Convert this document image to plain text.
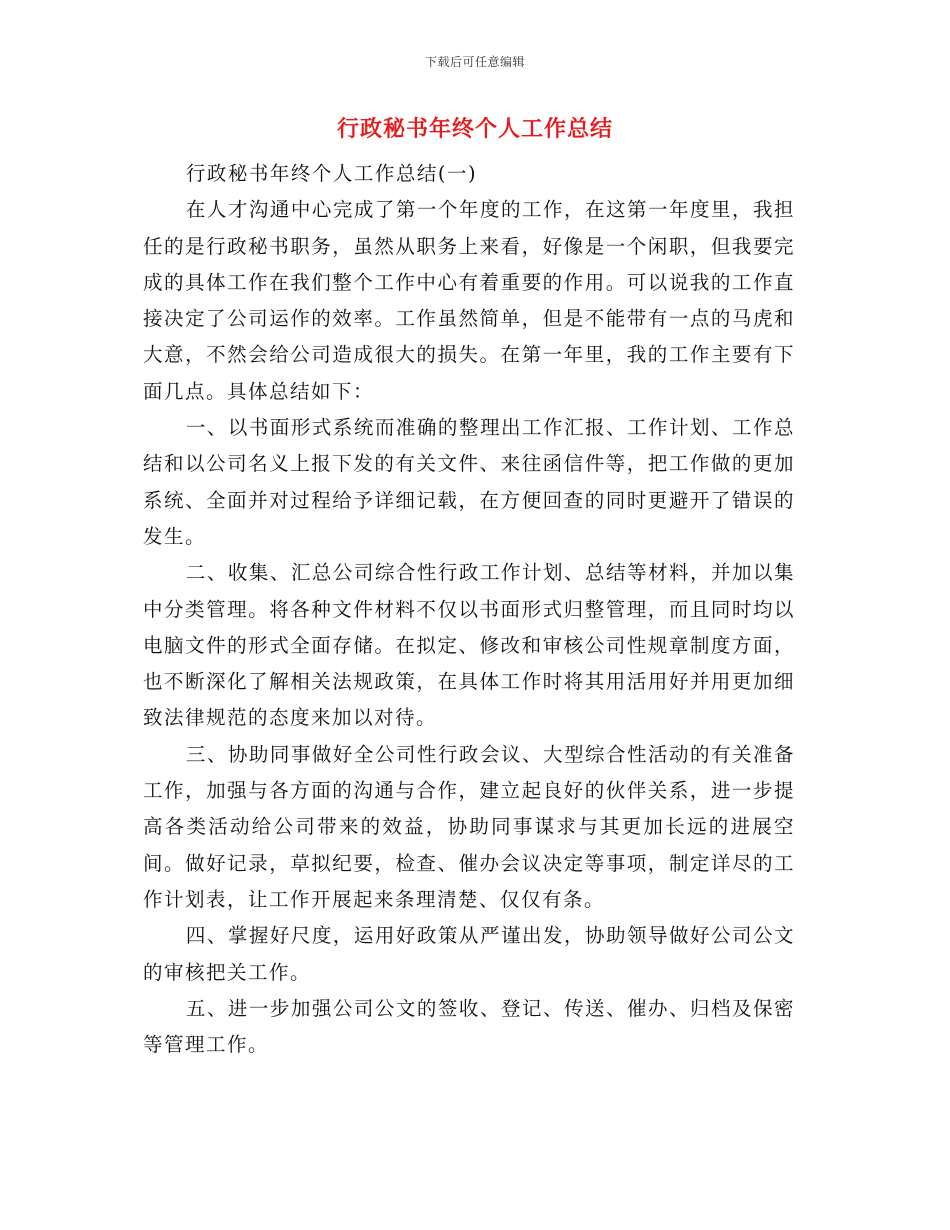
下载后可任意编辑
行政秘书年终个人工作总结

行政秘书年终个人工作总结(一)

在人才沟通中心完成了第一个年度的工作，在这第一年度里，我担任的是行政秘书职务，虽然从职务上来看，好像是一个闲职，但我要完成的具体工作在我们整个工作中心有着重要的作用。可以说我的工作直接决定了公司运作的效率。工作虽然简单，但是不能带有一点的马虎和大意，不然会给公司造成很大的损失。在第一年里，我的工作主要有下面几点。具体总结如下：

一、以书面形式系统而准确的整理出工作汇报、工作计划、工作总结和以公司名义上报下发的有关文件、来往函信件等，把工作做的更加系统、全面并对过程给予详细记载，在方便回查的同时更避开了错误的发生。

二、收集、汇总公司综合性行政工作计划、总结等材料，并加以集中分类管理。将各种文件材料不仅以书面形式归整管理，而且同时均以电脑文件的形式全面存储。在拟定、修改和审核公司性规章制度方面，也不断深化了解相关法规政策，在具体工作时将其用活用好并用更加细致法律规范的态度来加以对待。

三、协助同事做好全公司性行政会议、大型综合性活动的有关准备工作，加强与各方面的沟通与合作，建立起良好的伙伴关系，进一步提高各类活动给公司带来的效益，协助同事谋求与其更加长远的进展空间。做好记录，草拟纪要，检查、催办会议决定等事项，制定详尽的工作计划表，让工作开展起来条理清楚、仅仅有条。

四、掌握好尺度，运用好政策从严谨出发，协助领导做好公司公文的审核把关工作。

五、进一步加强公司公文的签收、登记、传送、催办、归档及保密等管理工作。
